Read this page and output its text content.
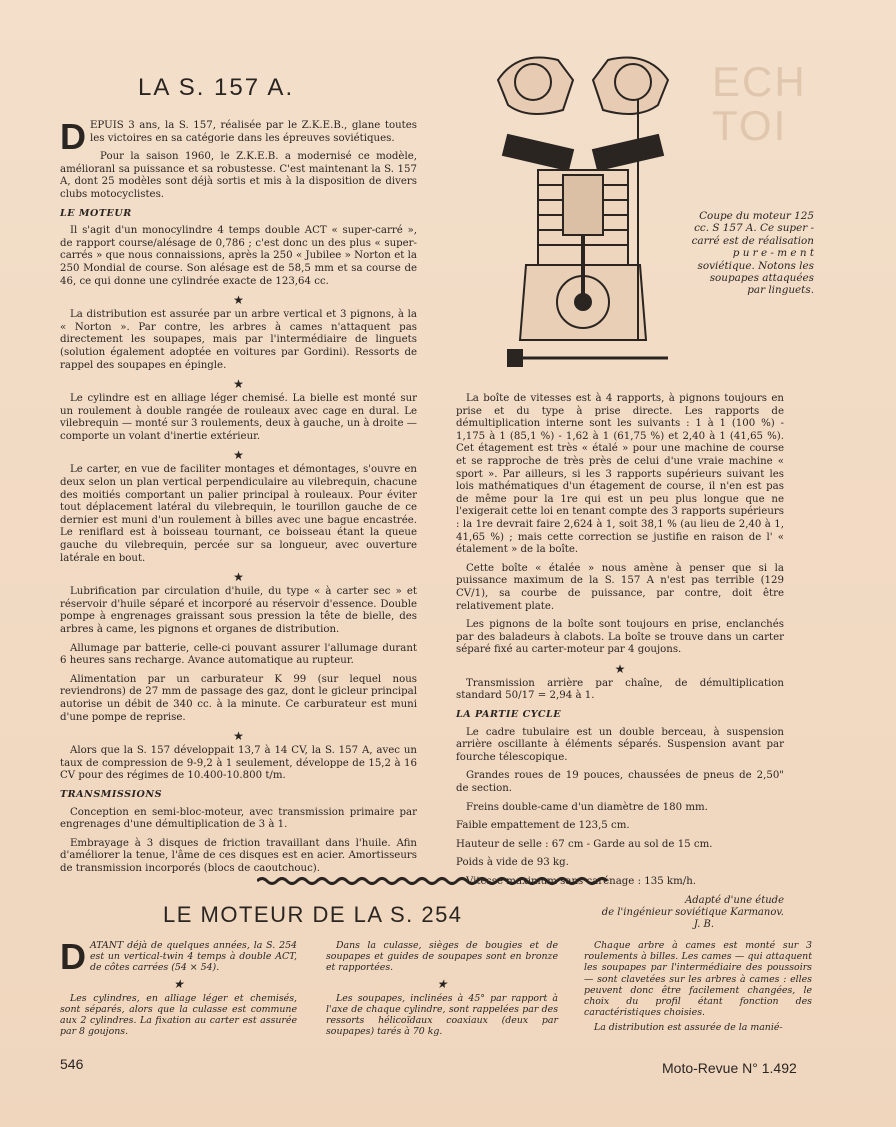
ECH
TOI
LA S. 157 A.

DEPUIS 3 ans, la S. 157, réalisée par le Z.K.E.B., glane toutes les victoires en sa catégorie dans les épreuves soviétiques.

Pour la saison 1960, le Z.K.E.B. a modernisé ce modèle, amélioranl sa puissance et sa robustesse. C'est maintenant la S. 157 A, dont 25 modèles sont déjà sortis et mis à la disposition de divers clubs motocyclistes.

LE MOTEUR

Il s'agit d'un monocylindre 4 temps double ACT « super-carré », de rapport course/alésage de 0,786 ; c'est donc un des plus « super-carrés » que nous connaissions, après la 250 « Jubilee » Norton et la 250 Mondial de course. Son alésage est de 58,5 mm et sa course de 46, ce qui donne une cylindrée exacte de 123,64 cc.

★

La distribution est assurée par un arbre vertical et 3 pignons, à la « Norton ». Par contre, les arbres à cames n'attaquent pas directement les soupapes, mais par l'intermédiaire de linguets (solution également adoptée en voitures par Gordini). Ressorts de rappel des soupapes en épingle.

★

Le cylindre est en alliage léger chemisé. La bielle est monté sur un roulement à double rangée de rouleaux avec cage en dural. Le vilebrequin — monté sur 3 roulements, deux à gauche, un à droite — comporte un volant d'inertie extérieur.

★

Le carter, en vue de faciliter montages et démontages, s'ouvre en deux selon un plan vertical perpendiculaire au vilebrequin, chacune des moitiés comportant un palier principal à rouleaux. Pour éviter tout déplacement latéral du vilebrequin, le tourillon gauche de ce dernier est muni d'un roulement à billes avec une bague encastrée. Le reniflard est à boisseau tournant, ce boisseau étant la queue gauche du vilebrequin, percée sur sa longueur, avec ouverture latérale en bout.

★

Lubrification par circulation d'huile, du type « à carter sec » et réservoir d'huile séparé et incorporé au réservoir d'essence. Double pompe à engrenages graissant sous pression la tête de bielle, des arbres à came, les pignons et organes de distribution.

Allumage par batterie, celle-ci pouvant assurer l'allumage durant 6 heures sans recharge. Avance automatique au rupteur.

Alimentation par un carburateur K 99 (sur lequel nous reviendrons) de 27 mm de passage des gaz, dont le gicleur principal autorise un débit de 340 cc. à la minute. Ce carburateur est muni d'une pompe de reprise.

★

Alors que la S. 157 développait 13,7 à 14 CV, la S. 157 A, avec un taux de compression de 9-9,2 à 1 seulement, développe de 15,2 à 16 CV pour des régimes de 10.400-10.800 t/m.

TRANSMISSIONS

Conception en semi-bloc-moteur, avec transmission primaire par engrenages d'une démultiplication de 3 à 1.

Embrayage à 3 disques de friction travaillant dans l'huile. Afin d'améliorer la tenue, l'âme de ces disques est en acier. Amortisseurs de transmission incorporés (blocs de caoutchouc).

Coupe du moteur 125 cc. S 157 A. Ce super - carré est de réalisation p u r e - m e n t soviétique. Notons les soupapes attaquées par linguets.

La boîte de vitesses est à 4 rapports, à pignons toujours en prise et du type à prise directe. Les rapports de démultiplication interne sont les suivants : 1 à 1 (100 %) - 1,175 à 1 (85,1 %) - 1,62 à 1 (61,75 %) et 2,40 à 1 (41,65 %). Cet étagement est très « étalé » pour une machine de course et se rapproche de très près de celui d'une vraie machine « sport ». Par ailleurs, si les 3 rapports supérieurs suivant les lois mathématiques d'un étagement de course, il n'en est pas de même pour la 1re qui est un peu plus longue que ne l'exigerait cette loi en tenant compte des 3 rapports supérieurs : la 1re devrait faire 2,624 à 1, soit 38,1 % (au lieu de 2,40 à 1, 41,65 %) ; mais cette correction se justifie en raison de l' « étalement » de la boîte.

Cette boîte « étalée » nous amène à penser que si la puissance maximum de la S. 157 A n'est pas terrible (129 CV/1), sa courbe de puissance, par contre, doit être relativement plate.

Les pignons de la boîte sont toujours en prise, enclanchés par des baladeurs à clabots. La boîte se trouve dans un carter séparé fixé au carter-moteur par 4 goujons.

★

Transmission arrière par chaîne, de démultiplication standard 50/17 = 2,94 à 1.

LA PARTIE CYCLE

Le cadre tubulaire est un double berceau, à suspension arrière oscillante à éléments séparés. Suspension avant par fourche télescopique.

Grandes roues de 19 pouces, chaussées de pneus de 2,50" de section.

Freins double-came d'un diamètre de 180 mm.

Faible empattement de 123,5 cm.

Hauteur de selle : 67 cm - Garde au sol de 15 cm.

Poids à vide de 93 kg.

Vitesse maximum sans carénage : 135 km/h.

Adapté d'une étude
de l'ingénieur soviétique Karmanov.
J. B.
LE MOTEUR DE LA S. 254

DATANT déjà de quelques années, la S. 254 est un vertical-twin 4 temps à double ACT, de côtes carrées (54 × 54).

★

Les cylindres, en alliage léger et chemisés, sont séparés, alors que la culasse est commune aux 2 cylindres. La fixation au carter est assurée par 8 goujons.

Dans la culasse, sièges de bougies et de soupapes et guides de soupapes sont en bronze et rapportées.

★

Les soupapes, inclinées à 45° par rapport à l'axe de chaque cylindre, sont rappelées par des ressorts hélicoïdaux coaxiaux (deux par soupapes) tarés à 70 kg.

Chaque arbre à cames est monté sur 3 roulements à billes. Les cames — qui attaquent les soupapes par l'intermédiaire des poussoirs — sont clavetées sur les arbres à cames : elles peuvent donc être facilement changées, le choix du profil étant fonction des caractéristiques choisies.

La distribution est assurée de la manié-

546	Moto-Revue N° 1.492
